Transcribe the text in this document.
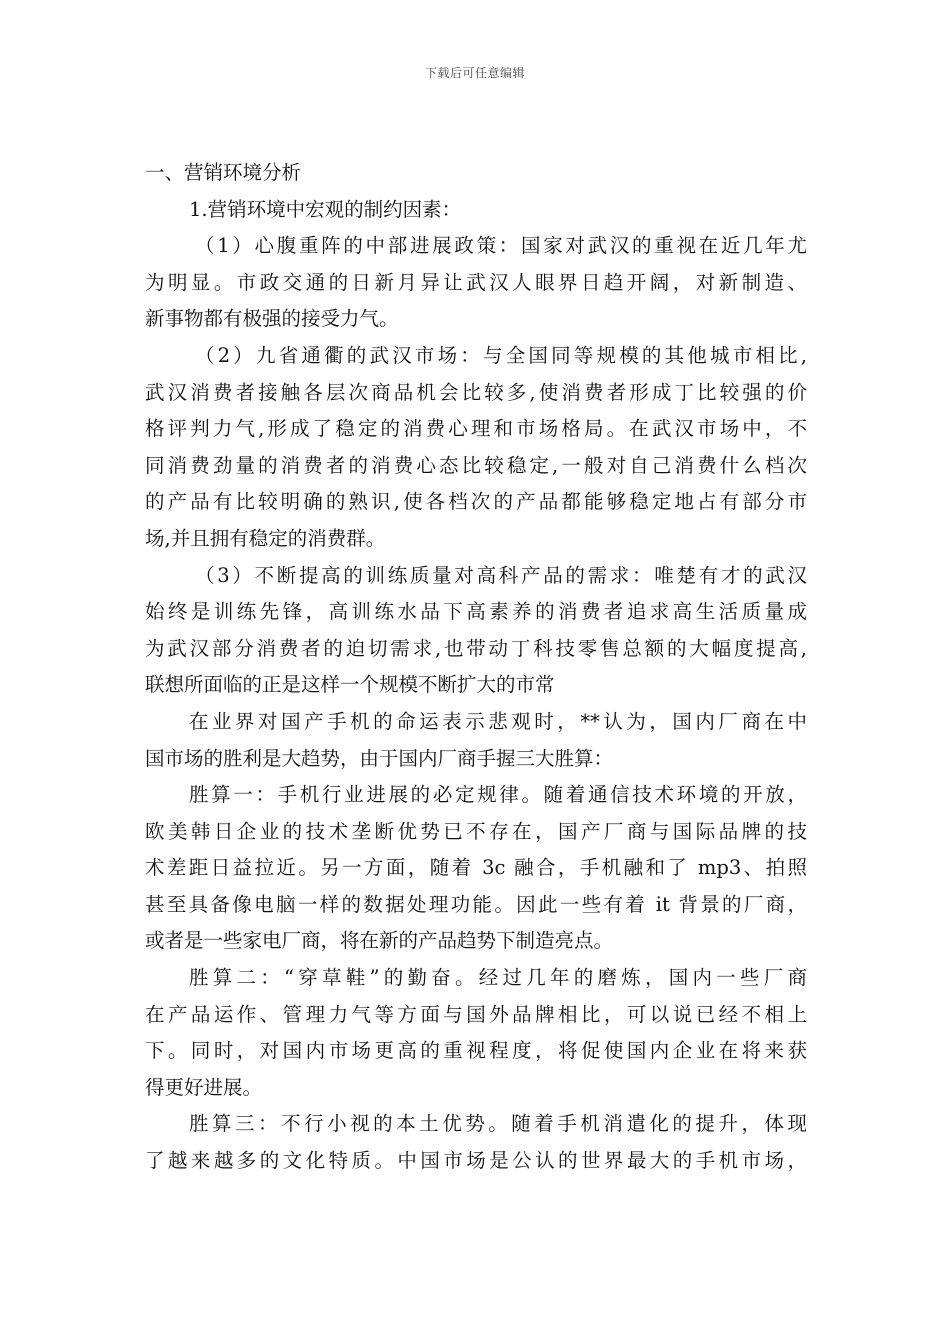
下载后可任意编辑
一、营销环境分析
1.营销环境中宏观的制约因素：
（1）心腹重阵的中部进展政策：国家对武汉的重视在近几年尤
为明显。市政交通的日新月异让武汉人眼界日趋开阔，对新制造、
新事物都有极强的接受力气。
（2）九省通衢的武汉市场：与全国同等规模的其他城市相比,
武汉消费者接触各层次商品机会比较多,使消费者形成丁比较强的价
格评判力气,形成了稳定的消费心理和市场格局。在武汉市场中，不
同消费劲量的消费者的消费心态比较稳定,一般对自己消费什么档次
的产品有比较明确的熟识,使各档次的产品都能够稳定地占有部分市
场,并且拥有稳定的消费群。
（3）不断提高的训练质量对高科产品的需求：唯楚有才的武汉
始终是训练先锋，高训练水品下高素养的消费者追求高生活质量成
为武汉部分消费者的迫切需求,也带动丁科技零售总额的大幅度提高,
联想所面临的正是这样一个规模不断扩大的市常
在业界对国产手机的命运表示悲观时，**认为，国内厂商在中
国市场的胜利是大趋势，由于国内厂商手握三大胜算：
胜算一：手机行业进展的必定规律。随着通信技术环境的开放，
欧美韩日企业的技术垄断优势已不存在，国产厂商与国际品牌的技
术差距日益拉近。另一方面，随着 3c 融合，手机融和了 mp3、拍照
甚至具备像电脑一样的数据处理功能。因此一些有着 it 背景的厂商，
或者是一些家电厂商，将在新的产品趋势下制造亮点。
胜算二：“穿草鞋”的勤奋。经过几年的磨炼，国内一些厂商
在产品运作、管理力气等方面与国外品牌相比，可以说已经不相上
下。同时，对国内市场更高的重视程度，将促使国内企业在将来获
得更好进展。
胜算三：不行小视的本土优势。随着手机消遣化的提升，体现
了越来越多的文化特质。中国市场是公认的世界最大的手机市场，
